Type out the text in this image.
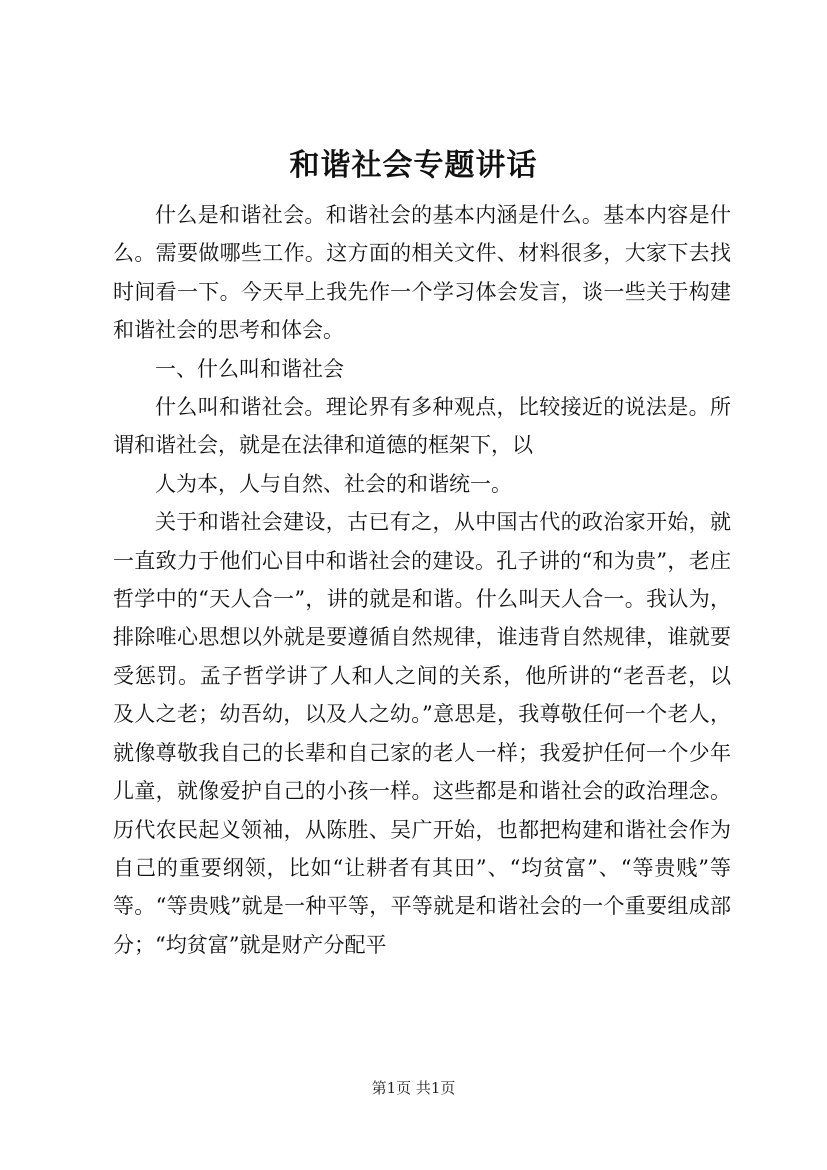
和谐社会专题讲话

什么是和谐社会。和谐社会的基本内涵是什么。基本内容是什么。需要做哪些工作。这方面的相关文件、材料很多，大家下去找时间看一下。今天早上我先作一个学习体会发言，谈一些关于构建和谐社会的思考和体会。

一、什么叫和谐社会

什么叫和谐社会。理论界有多种观点，比较接近的说法是。所谓和谐社会，就是在法律和道德的框架下，以

人为本，人与自然、社会的和谐统一。

关于和谐社会建设，古已有之，从中国古代的政治家开始，就一直致力于他们心目中和谐社会的建设。孔子讲的“和为贵”，老庄哲学中的“天人合一”，讲的就是和谐。什么叫天人合一。我认为，排除唯心思想以外就是要遵循自然规律，谁违背自然规律，谁就要受惩罚。孟子哲学讲了人和人之间的关系，他所讲的“老吾老，以及人之老；幼吾幼，以及人之幼。”意思是，我尊敬任何一个老人，就像尊敬我自己的长辈和自己家的老人一样；我爱护任何一个少年儿童，就像爱护自己的小孩一样。这些都是和谐社会的政治理念。历代农民起义领袖，从陈胜、吴广开始，也都把构建和谐社会作为自己的重要纲领，比如“让耕者有其田”、“均贫富”、“等贵贱”等等。“等贵贱”就是一种平等，平等就是和谐社会的一个重要组成部分；“均贫富”就是财产分配平

第1页 共1页
